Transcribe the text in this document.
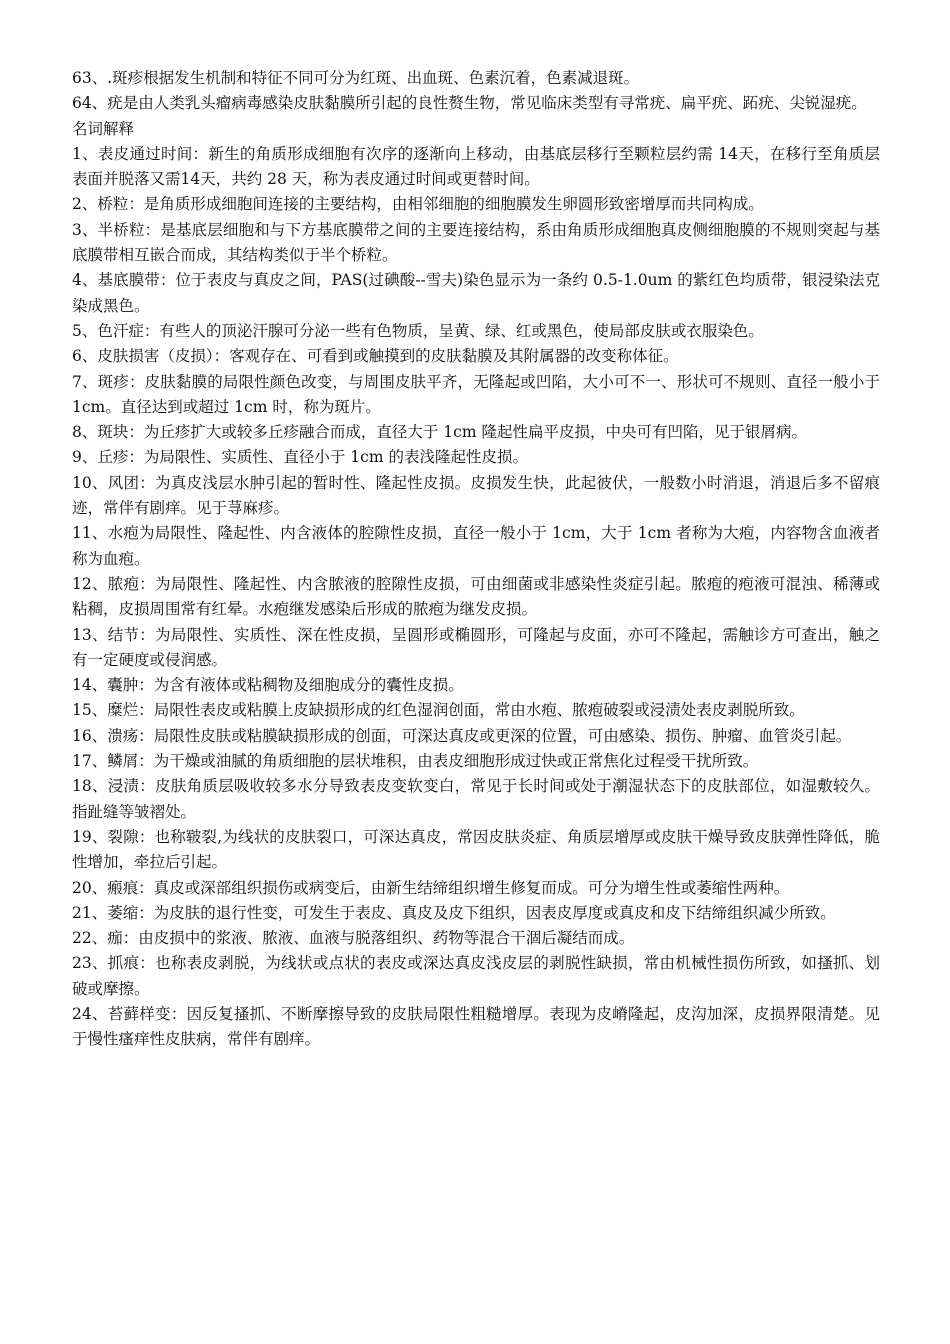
63、.斑疹根据发生机制和特征不同可分为红斑、出血斑、色素沉着，色素减退斑。

64、疣是由人类乳头瘤病毒感染皮肤黏膜所引起的良性赘生物，常见临床类型有寻常疣、扁平疣、跖疣、尖锐湿疣。

名词解释

1、表皮通过时间：新生的角质形成细胞有次序的逐渐向上移动，由基底层移行至颗粒层约需 14天，在移行至角质层表面并脱落又需14天，共约 28 天，称为表皮通过时间或更替时间。

2、桥粒：是角质形成细胞间连接的主要结构，由相邻细胞的细胞膜发生卵圆形致密增厚而共同构成。

3、半桥粒：是基底层细胞和与下方基底膜带之间的主要连接结构，系由角质形成细胞真皮侧细胞膜的不规则突起与基底膜带相互嵌合而成，其结构类似于半个桥粒。

4、基底膜带：位于表皮与真皮之间，PAS(过碘酸--雪夫)染色显示为一条约 0.5-1.0um 的紫红色均质带，银浸染法克染成黑色。

5、色汗症：有些人的顶泌汗腺可分泌一些有色物质，呈黄、绿、红或黑色，使局部皮肤或衣服染色。

6、皮肤损害（皮损）：客观存在、可看到或触摸到的皮肤黏膜及其附属器的改变称体征。

7、斑疹：皮肤黏膜的局限性颜色改变，与周围皮肤平齐，无隆起或凹陷，大小可不一、形状可不规则、直径一般小于 1cm。直径达到或超过 1cm 时，称为斑片。

8、斑块：为丘疹扩大或较多丘疹融合而成，直径大于 1cm 隆起性扁平皮损，中央可有凹陷，见于银屑病。

9、丘疹：为局限性、实质性、直径小于 1cm 的表浅隆起性皮损。

10、风团：为真皮浅层水肿引起的暂时性、隆起性皮损。皮损发生快，此起彼伏，一般数小时消退，消退后多不留痕迹，常伴有剧痒。见于荨麻疹。

11、水疱为局限性、隆起性、内含液体的腔隙性皮损，直径一般小于 1cm，大于 1cm 者称为大疱，内容物含血液者称为血疱。

12、脓疱：为局限性、隆起性、内含脓液的腔隙性皮损，可由细菌或非感染性炎症引起。脓疱的疱液可混浊、稀薄或粘稠，皮损周围常有红晕。水疱继发感染后形成的脓疱为继发皮损。

13、结节：为局限性、实质性、深在性皮损，呈圆形或椭圆形，可隆起与皮面，亦可不隆起，需触诊方可查出，触之有一定硬度或侵润感。

14、囊肿：为含有液体或粘稠物及细胞成分的囊性皮损。

15、糜烂：局限性表皮或粘膜上皮缺损形成的红色湿润创面，常由水疱、脓疱破裂或浸渍处表皮剥脱所致。

16、溃疡：局限性皮肤或粘膜缺损形成的创面，可深达真皮或更深的位置，可由感染、损伤、肿瘤、血管炎引起。

17、鳞屑：为干燥或油腻的角质细胞的层状堆积，由表皮细胞形成过快或正常焦化过程受干扰所致。

18、浸渍：皮肤角质层吸收较多水分导致表皮变软变白，常见于长时间或处于潮湿状态下的皮肤部位，如湿敷较久。指趾缝等皱褶处。

19、裂隙：也称皲裂,为线状的皮肤裂口，可深达真皮，常因皮肤炎症、角质层增厚或皮肤干燥导致皮肤弹性降低，脆性增加，牵拉后引起。

20、瘢痕：真皮或深部组织损伤或病变后，由新生结缔组织增生修复而成。可分为增生性或萎缩性两种。

21、萎缩：为皮肤的退行性变，可发生于表皮、真皮及皮下组织，因表皮厚度或真皮和皮下结缔组织减少所致。

22、痂：由皮损中的浆液、脓液、血液与脱落组织、药物等混合干涸后凝结而成。

23、抓痕：也称表皮剥脱，为线状或点状的表皮或深达真皮浅皮层的剥脱性缺损，常由机械性损伤所致，如搔抓、划破或摩擦。

24、苔藓样变：因反复搔抓、不断摩擦导致的皮肤局限性粗糙增厚。表现为皮嵴隆起，皮沟加深，皮损界限清楚。见于慢性瘙痒性皮肤病，常伴有剧痒。
